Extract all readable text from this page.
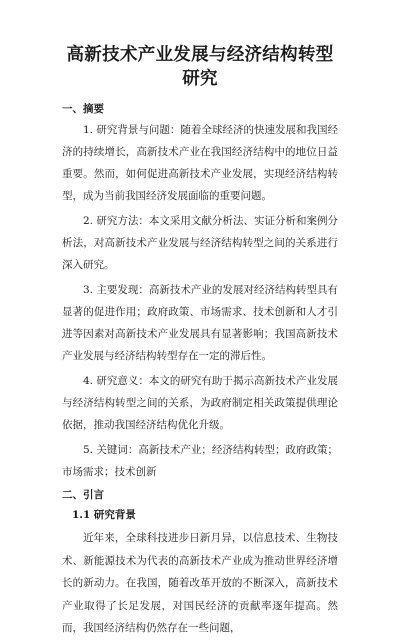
高新技术产业发展与经济结构转型研究
一、摘要

1. 研究背景与问题：随着全球经济的快速发展和我国经济的持续增长，高新技术产业在我国经济结构中的地位日益重要。然而，如何促进高新技术产业发展，实现经济结构转型，成为当前我国经济发展面临的重要问题。

2. 研究方法：本文采用文献分析法、实证分析和案例分析法，对高新技术产业发展与经济结构转型之间的关系进行深入研究。

3. 主要发现：高新技术产业的发展对经济结构转型具有显著的促进作用；政府政策、市场需求、技术创新和人才引进等因素对高新技术产业发展具有显著影响；我国高新技术产业发展与经济结构转型存在一定的滞后性。

4. 研究意义：本文的研究有助于揭示高新技术产业发展与经济结构转型之间的关系，为政府制定相关政策提供理论依据，推动我国经济结构优化升级。

5. 关键词：高新技术产业；经济结构转型；政府政策；市场需求；技术创新

二、引言
1.1 研究背景

近年来，全球科技进步日新月异，以信息技术、生物技术、新能源技术为代表的高新技术产业成为推动世界经济增长的新动力。在我国，随着改革开放的不断深入，高新技术产业取得了长足发展，对国民经济的贡献率逐年提高。然而，我国经济结构仍然存在一些问题，
